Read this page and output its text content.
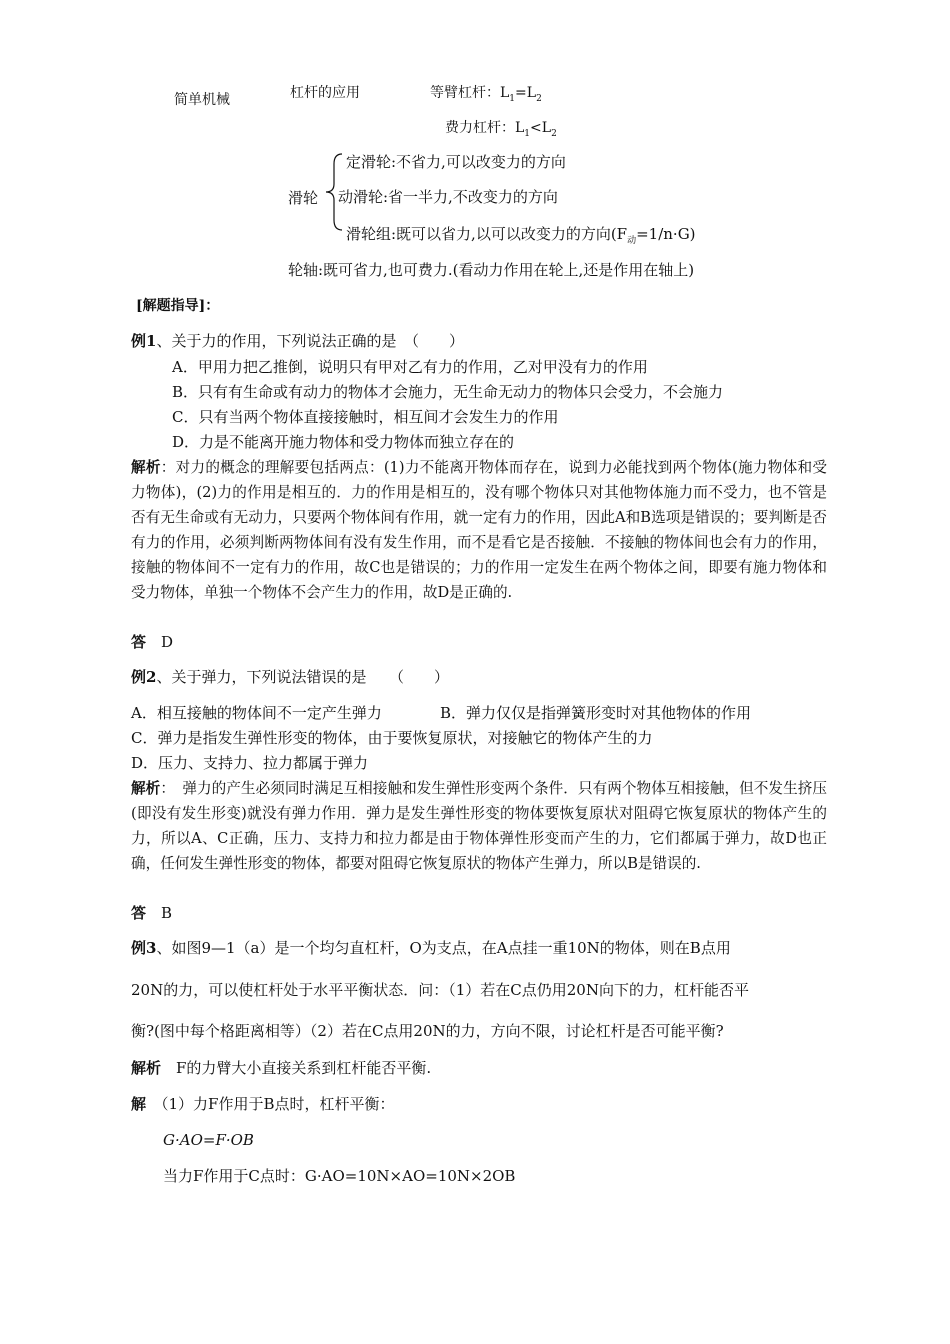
简单机械	杠杆的应用	等臂杠杆：$L_1=L_2$
费力杠杆：$L_1<L_2$
定滑轮:不省力,可以改变力的方向
滑轮 动滑轮:省一半力,不改变力的方向
滑轮组:既可以省力,以可以改变力的方向$(F_动=1/n\cdot G)$
轮轴:既可省力,也可费力.(看动力作用在轮上,还是作用在轴上)
[解题指导]：
例1、关于力的作用，下列说法正确的是　（　　）
A．甲用力把乙推倒，说明只有甲对乙有力的作用，乙对甲没有力的作用
B．只有有生命或有动力的物体才会施力，无生命无动力的物体只会受力，不会施力
C．只有当两个物体直接接触时，相互间才会发生力的作用
D．力是不能离开施力物体和受力物体而独立存在的

解析：对力的概念的理解要包括两点：(1)力不能离开物体而存在，说到力必能找到两个物体(施力物体和受力物体)，(2)力的作用是相互的．力的作用是相互的，没有哪个物体只对其他物体施力而不受力，也不管是否有无生命或有无动力，只要两个物体间有作用，就一定有力的作用，因此A和B选项是错误的；要判断是否有力的作用，必须判断两物体间有没有发生作用，而不是看它是否接触．不接触的物体间也会有力的作用，接触的物体间不一定有力的作用，故C也是错误的；力的作用一定发生在两个物体之间，即要有施力物体和受力物体，单独一个物体不会产生力的作用，故D是正确的.

答　 D
例2、关于弹力，下列说法错误的是　　（　　）
A．相互接触的物体间不一定产生弹力	B．弹力仅仅是指弹簧形变时对其他物体的作用
C．弹力是指发生弹性形变的物体，由于要恢复原状，对接触它的物体产生的力
D．压力、支持力、拉力都属于弹力

解析：　弹力的产生必须同时满足互相接触和发生弹性形变两个条件．只有两个物体互相接触，但不发生挤压(即没有发生形变)就没有弹力作用．弹力是发生弹性形变的物体要恢复原状对阻碍它恢复原状的物体产生的力，所以A、C正确，压力、支持力和拉力都是由于物体弹性形变而产生的力，它们都属于弹力，故D也正确，任何发生弹性形变的物体，都要对阻碍它恢复原状的物体产生弹力，所以B是错误的.

答　 B
例3、如图9—1（a）是一个均匀直杠杆，O为支点，在A点挂一重10N的物体，则在B点用
20N的力，可以使杠杆处于水平平衡状态．问：（1）若在C点仍用20N向下的力，杠杆能否平
衡?(图中每个格距离相等）（2）若在C点用20N的力，方向不限，讨论杠杆是否可能平衡?
解析　F的力臂大小直接关系到杠杆能否平衡.
解　（1）力F作用于B点时，杠杆平衡：
G·AO=F·OB
当力F作用于C点时：G·AO=10N×AO=10N×2OB
